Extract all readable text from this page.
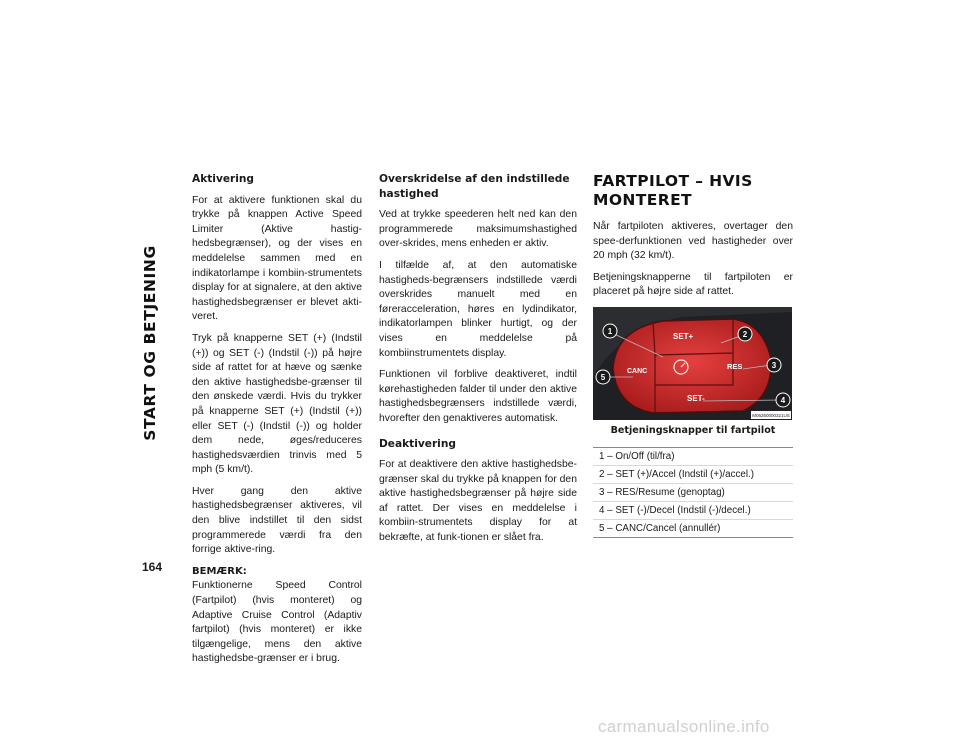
START OG BETJENING
164
Aktivering

For at aktivere funktionen skal du trykke på knappen Active Speed Limiter (Aktive hastig-hedsbegrænser), og der vises en meddelelse sammen med en indikatorlampe i kombiin-strumentets display for at signalere, at den aktive hastighedsbegrænser er blevet akti-veret.

Tryk på knapperne SET (+) (Indstil (+)) og SET (-) (Indstil (-)) på højre side af rattet for at hæve og sænke den aktive hastighedsbe-grænser til den ønskede værdi. Hvis du trykker på knapperne SET (+) (Indstil (+)) eller SET (-) (Indstil (-)) og holder dem nede, øges/reduceres hastighedsværdien trinvis med 5 mph (5 km/t).

Hver gang den aktive hastighedsbegrænser aktiveres, vil den blive indstillet til den sidst programmerede værdi fra den forrige aktive-ring.

BEMÆRK:

Funktionerne Speed Control (Fartpilot) (hvis monteret) og Adaptive Cruise Control (Adaptiv fartpilot) (hvis monteret) er ikke tilgængelige, mens den aktive hastighedsbe-grænser er i brug.

Overskridelse af den indstillede hastighed

Ved at trykke speederen helt ned kan den programmerede maksimumshastighed over-skrides, mens enheden er aktiv.

I tilfælde af, at den automatiske hastigheds-begrænsers indstillede værdi overskrides manuelt med en føreracceleration, høres en lydindikator, indikatorlampen blinker hurtigt, og der vises en meddelelse på kombiinstrumentets display.

Funktionen vil forblive deaktiveret, indtil kørehastigheden falder til under den aktive hastighedsbegrænsers indstillede værdi, hvorefter den genaktiveres automatisk.

Deaktivering

For at deaktivere den aktive hastighedsbe-grænser skal du trykke på knappen for den aktive hastighedsbegrænser på højre side af rattet. Der vises en meddelelse i kombiin-strumentets display for at bekræfte, at funk-tionen er slået fra.

FARTPILOT – HVIS
MONTERET

Når fartpiloten aktiveres, overtager den spee-derfunktionen ved hastigheder over 20 mph (32 km/t).

Betjeningsknapperne til fartpiloten er placeret på højre side af rattet.

SET+
RES
CANC
SET-
1	2
3
4
5
M06260000321US
Betjeningsknapper til fartpilot
1 – On/Off (til/fra)
2 – SET (+)/Accel (Indstil (+)/accel.)
3 – RES/Resume (genoptag)
4 – SET (-)/Decel (Indstil (-)/decel.)
5 – CANC/Cancel (annullér)
carmanualsonline.info
